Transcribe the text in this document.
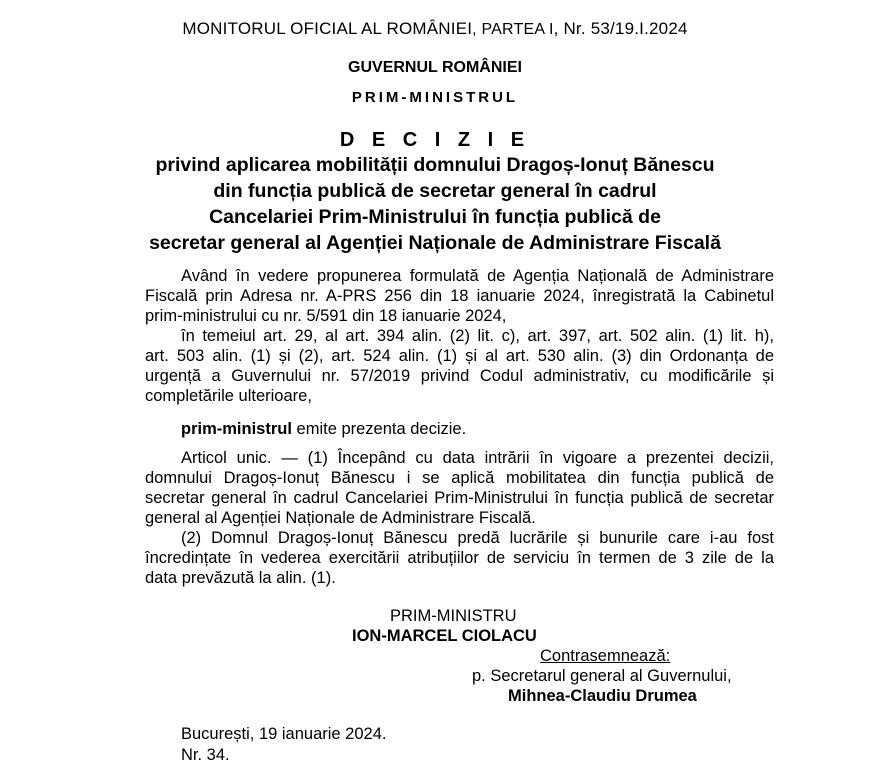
MONITORUL OFICIAL AL ROMÂNIEI, PARTEA I, Nr. 53/19.I.2024
GUVERNUL ROMÂNIEI
PRIM-MINISTRUL
D E C I Z I E
privind aplicarea mobilității domnului Dragoș-Ionuț Bănescu
din funcția publică de secretar general în cadrul
Cancelariei Prim-Ministrului în funcția publică de
secretar general al Agenției Naționale de Administrare Fiscală
Având în vedere propunerea formulată de Agenția Națională de Administrare
Fiscală prin Adresa nr. A-PRS 256 din 18 ianuarie 2024, înregistrată la Cabinetul
prim-ministrului cu nr. 5/591 din 18 ianuarie 2024,
în temeiul art. 29, al art. 394 alin. (2) lit. c), art. 397, art. 502 alin. (1) lit. h),
art. 503 alin. (1) și (2), art. 524 alin. (1) și al art. 530 alin. (3) din Ordonanța de
urgență a Guvernului nr. 57/2019 privind Codul administrativ, cu modificările și
completările ulterioare,
prim-ministrul emite prezenta decizie.
Articol unic. — (1) Începând cu data intrării în vigoare a prezentei decizii,
domnului Dragoș-Ionuț Bănescu i se aplică mobilitatea din funcția publică de
secretar general în cadrul Cancelariei Prim-Ministrului în funcția publică de secretar
general al Agenției Naționale de Administrare Fiscală.
(2) Domnul Dragoș-Ionuț Bănescu predă lucrările și bunurile care i-au fost
încredințate în vederea exercitării atribuțiilor de serviciu în termen de 3 zile de la
data prevăzută la alin. (1).
PRIM-MINISTRU
ION-MARCEL CIOLACU
Contrasemnează:
p. Secretarul general al Guvernului,
Mihnea-Claudiu Drumea
București, 19 ianuarie 2024.
Nr. 34.
